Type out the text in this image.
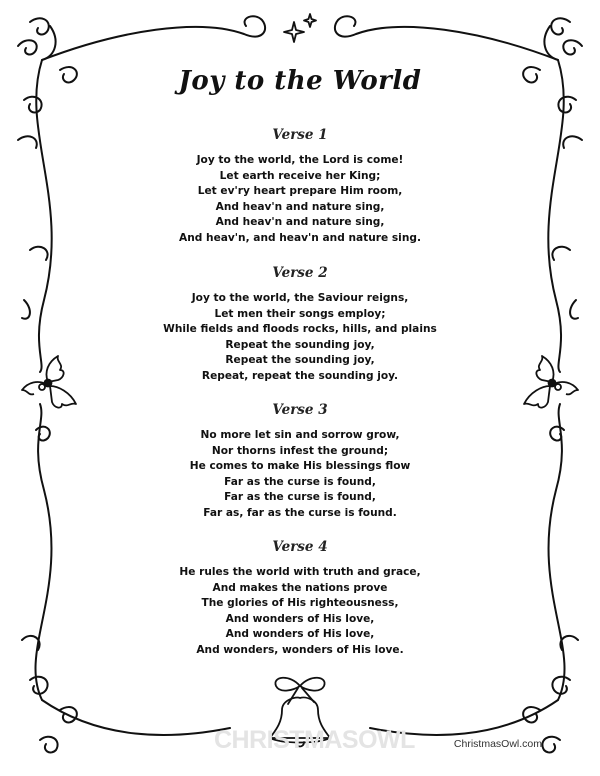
CHRISTMASOWL
Joy to the World
Verse 1
Joy to the world, the Lord is come!
Let earth receive her King;
Let ev'ry heart prepare Him room,
And heav'n and nature sing,
And heav'n and nature sing,
And heav'n, and heav'n and nature sing.
Verse 2
Joy to the world, the Saviour reigns,
Let men their songs employ;
While fields and floods rocks, hills, and plains
Repeat the sounding joy,
Repeat the sounding joy,
Repeat, repeat the sounding joy.
Verse 3
No more let sin and sorrow grow,
Nor thorns infest the ground;
He comes to make His blessings flow
Far as the curse is found,
Far as the curse is found,
Far as, far as the curse is found.
Verse 4
He rules the world with truth and grace,
And makes the nations prove
The glories of His righteousness,
And wonders of His love,
And wonders of His love,
And wonders, wonders of His love.
ChristmasOwl.com
